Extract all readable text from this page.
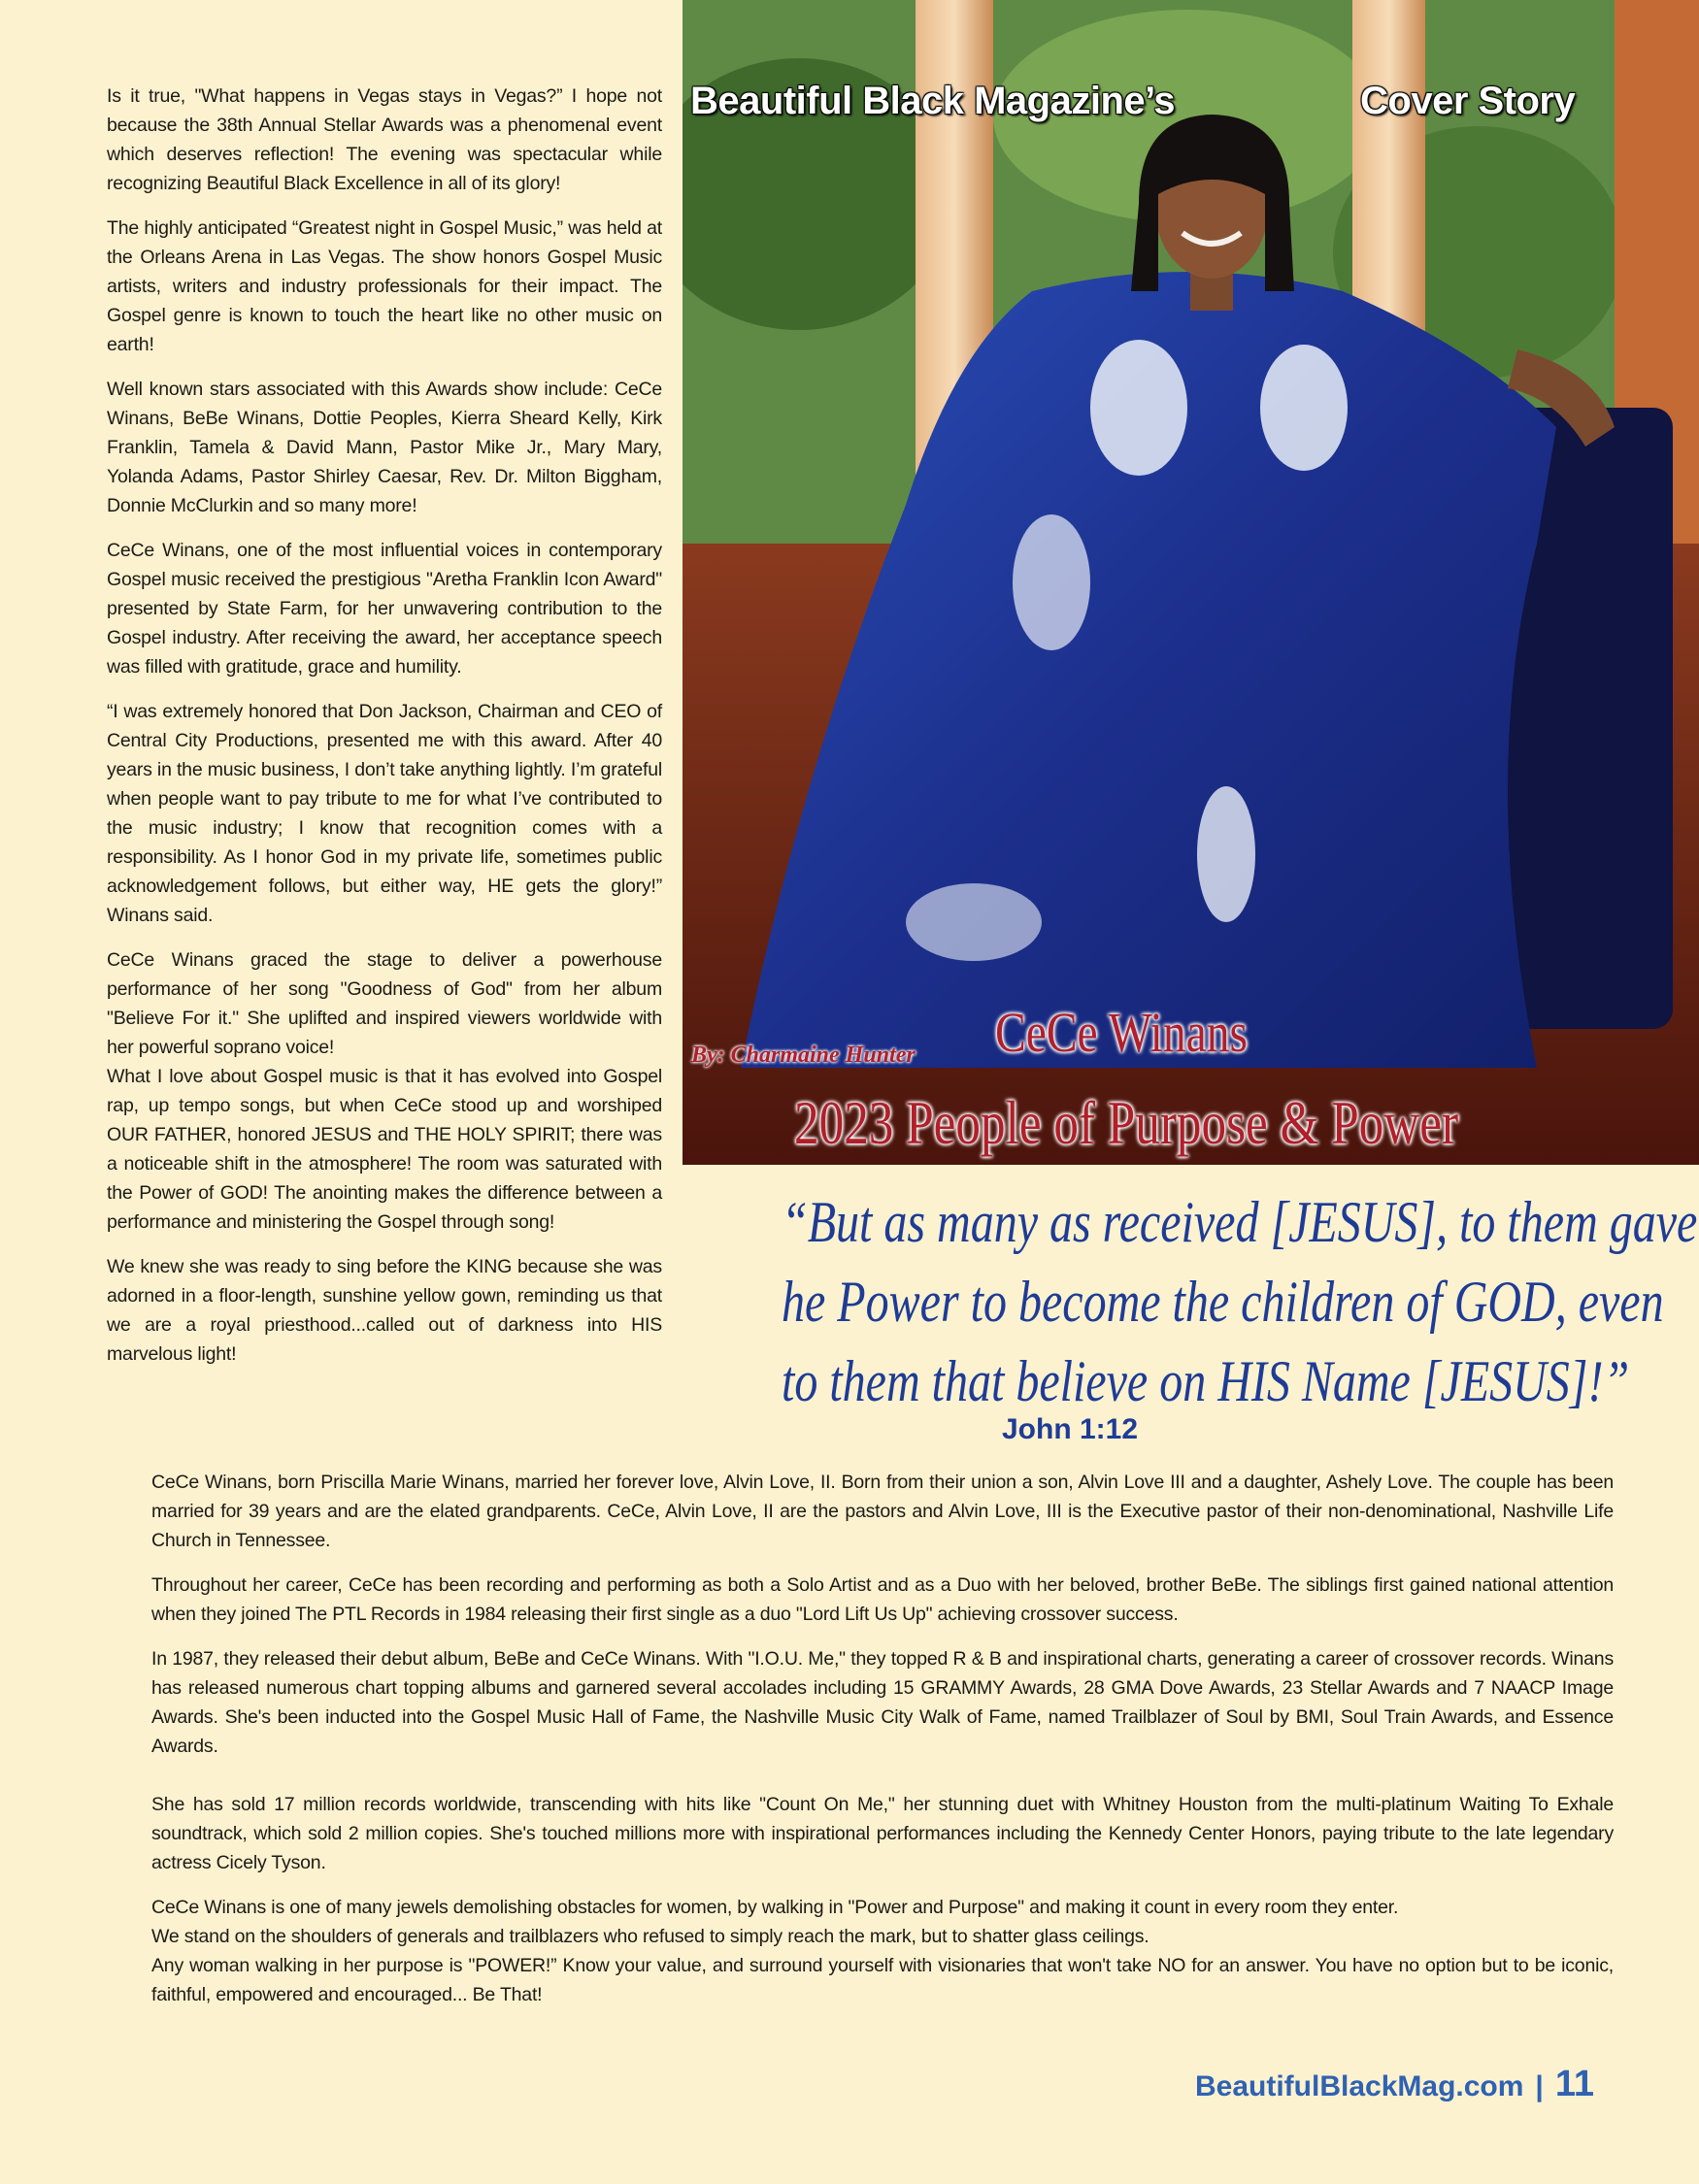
Is it true, "What happens in Vegas stays in Vegas?” I hope not because the 38th Annual Stellar Awards was a phenomenal event which deserves reflection! The evening was spectacular while recognizing Beautiful Black Excellence in all of its glory!

The highly anticipated “Greatest night in Gospel Music,” was held at the Orleans Arena in Las Vegas. The show honors Gospel Music artists, writers and industry professionals for their impact. The Gospel genre is known to touch the heart like no other music on earth!

Well known stars associated with this Awards show include: CeCe Winans, BeBe Winans, Dottie Peoples, Kierra Sheard Kelly, Kirk Franklin, Tamela & David Mann, Pastor Mike Jr., Mary Mary, Yolanda Adams, Pastor Shirley Caesar, Rev. Dr. Milton Biggham, Donnie McClurkin and so many more!

CeCe Winans, one of the most influential voices in contemporary Gospel music received the prestigious "Aretha Franklin Icon Award" presented by State Farm, for her unwavering contribution to the Gospel industry. After receiving the award, her acceptance speech was filled with gratitude, grace and humility.

“I was extremely honored that Don Jackson, Chairman and CEO of Central City Productions, presented me with this award. After 40 years in the music business, I don’t take anything lightly. I’m grateful when people want to pay tribute to me for what I’ve contributed to the music industry; I know that recognition comes with a responsibility. As I honor God in my private life, sometimes public acknowledgement follows, but either way, HE gets the glory!” Winans said.

CeCe Winans graced the stage to deliver a powerhouse performance of her song "Goodness of God" from her album "Believe For it." She uplifted and inspired viewers worldwide with her powerful soprano voice!

What I love about Gospel music is that it has evolved into Gospel rap, up tempo songs, but when CeCe stood up and worshiped OUR FATHER, honored JESUS and THE HOLY SPIRIT; there was a noticeable shift in the atmosphere! The room was saturated with the Power of GOD! The anointing makes the difference between a performance and ministering the Gospel through song!

We knew she was ready to sing before the KING because she was adorned in a floor-length, sunshine yellow gown, reminding us that we are a royal priesthood...called out of darkness into HIS marvelous light!

Beautiful Black Magazine’s	Cover Story
By: Charmaine Hunter CeCe Winans
2023 People of Purpose & Power
“But as many as received [JESUS], to them gave
he Power to become the children of GOD, even
to them that believe on HIS Name [JESUS]!”
John 1:12

CeCe Winans, born Priscilla Marie Winans, married her forever love, Alvin Love, II. Born from their union a son, Alvin Love III and a daughter, Ashely Love. The couple has been married for 39 years and are the elated grandparents. CeCe, Alvin Love, II are the pastors and Alvin Love, III is the Executive pastor of their non-denominational, Nashville Life Church in Tennessee.

Throughout her career, CeCe has been recording and performing as both a Solo Artist and as a Duo with her beloved, brother BeBe. The siblings first gained national attention when they joined The PTL Records in 1984 releasing their first single as a duo "Lord Lift Us Up" achieving crossover success.

In 1987, they released their debut album, BeBe and CeCe Winans. With "I.O.U. Me," they topped R & B and inspirational charts, generating a career of crossover records. Winans has released numerous chart topping albums and garnered several accolades including 15 GRAMMY Awards, 28 GMA Dove Awards, 23 Stellar Awards and 7 NAACP Image Awards. She's been inducted into the Gospel Music Hall of Fame, the Nashville Music City Walk of Fame, named Trailblazer of Soul by BMI, Soul Train Awards, and Essence Awards.

She has sold 17 million records worldwide, transcending with hits like "Count On Me," her stunning duet with Whitney Houston from the multi-platinum Waiting To Exhale soundtrack, which sold 2 million copies. She's touched millions more with inspirational performances including the Kennedy Center Honors, paying tribute to the late legendary actress Cicely Tyson.

CeCe Winans is one of many jewels demolishing obstacles for women, by walking in "Power and Purpose" and making it count in every room they enter.

We stand on the shoulders of generals and trailblazers who refused to simply reach the mark, but to shatter glass ceilings.

Any woman walking in her purpose is "POWER!” Know your value, and surround yourself with visionaries that won't take NO for an answer. You have no option but to be iconic, faithful, empowered and encouraged... Be That!

BeautifulBlackMag.com | 11
